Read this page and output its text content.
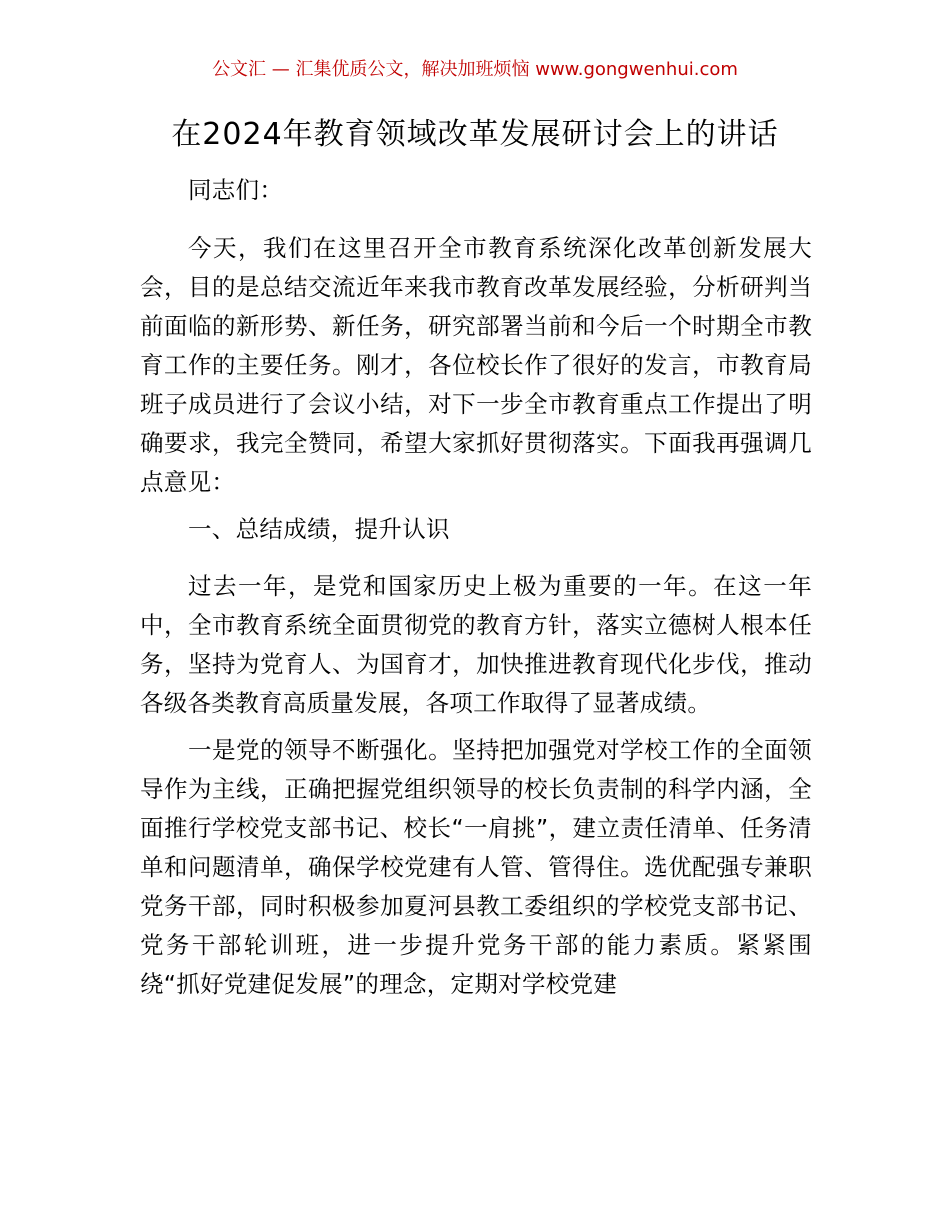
公文汇 — 汇集优质公文，解决加班烦恼 www.gongwenhui.com
在2024年教育领域改革发展研讨会上的讲话

同志们：

今天，我们在这里召开全市教育系统深化改革创新发展大会，目的是总结交流近年来我市教育改革发展经验，分析研判当前面临的新形势、新任务，研究部署当前和今后一个时期全市教育工作的主要任务。刚才，各位校长作了很好的发言，市教育局班子成员进行了会议小结，对下一步全市教育重点工作提出了明确要求，我完全赞同，希望大家抓好贯彻落实。下面我再强调几点意见：

一、总结成绩，提升认识

过去一年，是党和国家历史上极为重要的一年。在这一年中，全市教育系统全面贯彻党的教育方针，落实立德树人根本任务，坚持为党育人、为国育才，加快推进教育现代化步伐，推动各级各类教育高质量发展，各项工作取得了显著成绩。

一是党的领导不断强化。坚持把加强党对学校工作的全面领导作为主线，正确把握党组织领导的校长负责制的科学内涵，全面推行学校党支部书记、校长“一肩挑”，建立责任清单、任务清单和问题清单，确保学校党建有人管、管得住。选优配强专兼职党务干部，同时积极参加夏河县教工委组织的学校党支部书记、党务干部轮训班，进一步提升党务干部的能力素质。紧紧围绕“抓好党建促发展”的理念，定期对学校党建
